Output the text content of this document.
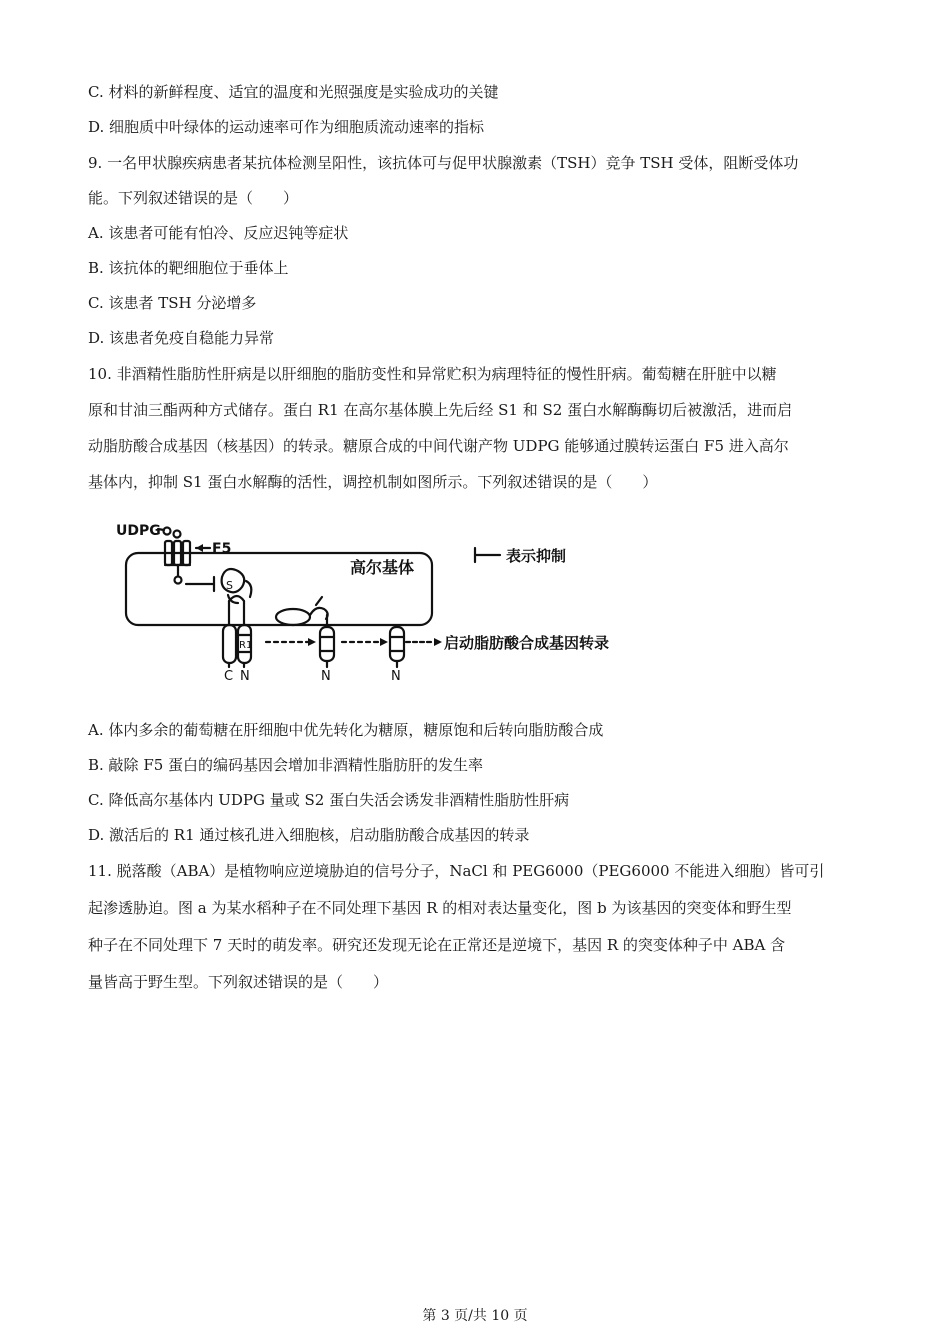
C. 材料的新鲜程度、适宜的温度和光照强度是实验成功的关键
D. 细胞质中叶绿体的运动速率可作为细胞质流动速率的指标
9. 一名甲状腺疾病患者某抗体检测呈阳性，该抗体可与促甲状腺激素（TSH）竞争 TSH 受体，阻断受体功
能。下列叙述错误的是（　　）
A. 该患者可能有怕冷、反应迟钝等症状
B. 该抗体的靶细胞位于垂体上
C. 该患者 TSH 分泌增多
D. 该患者免疫自稳能力异常
10. 非酒精性脂肪性肝病是以肝细胞的脂肪变性和异常贮积为病理特征的慢性肝病。葡萄糖在肝脏中以糖
原和甘油三酯两种方式储存。蛋白 R1 在高尔基体膜上先后经 S1 和 S2 蛋白水解酶酶切后被激活，进而启
动脂肪酸合成基因（核基因）的转录。糖原合成的中间代谢产物 UDPG 能够通过膜转运蛋白 F5 进入高尔
基体内，抑制 S1 蛋白水解酶的活性，调控机制如图所示。下列叙述错误的是（　　）
UDPG
F5
S
R1
C N	N	N
启动脂肪酸合成基因转录
高尔基体
表示抑制
A. 体内多余的葡萄糖在肝细胞中优先转化为糖原，糖原饱和后转向脂肪酸合成
B. 敲除 F5 蛋白的编码基因会增加非酒精性脂肪肝的发生率
C. 降低高尔基体内 UDPG 量或 S2 蛋白失活会诱发非酒精性脂肪性肝病
D. 激活后的 R1 通过核孔进入细胞核，启动脂肪酸合成基因的转录
11. 脱落酸（ABA）是植物响应逆境胁迫的信号分子，NaCl 和 PEG6000（PEG6000 不能进入细胞）皆可引
起渗透胁迫。图 a 为某水稻种子在不同处理下基因 R 的相对表达量变化，图 b 为该基因的突变体和野生型
种子在不同处理下 7 天时的萌发率。研究还发现无论在正常还是逆境下，基因 R 的突变体种子中 ABA 含
量皆高于野生型。下列叙述错误的是（　　）
第 3 页/共 10 页
